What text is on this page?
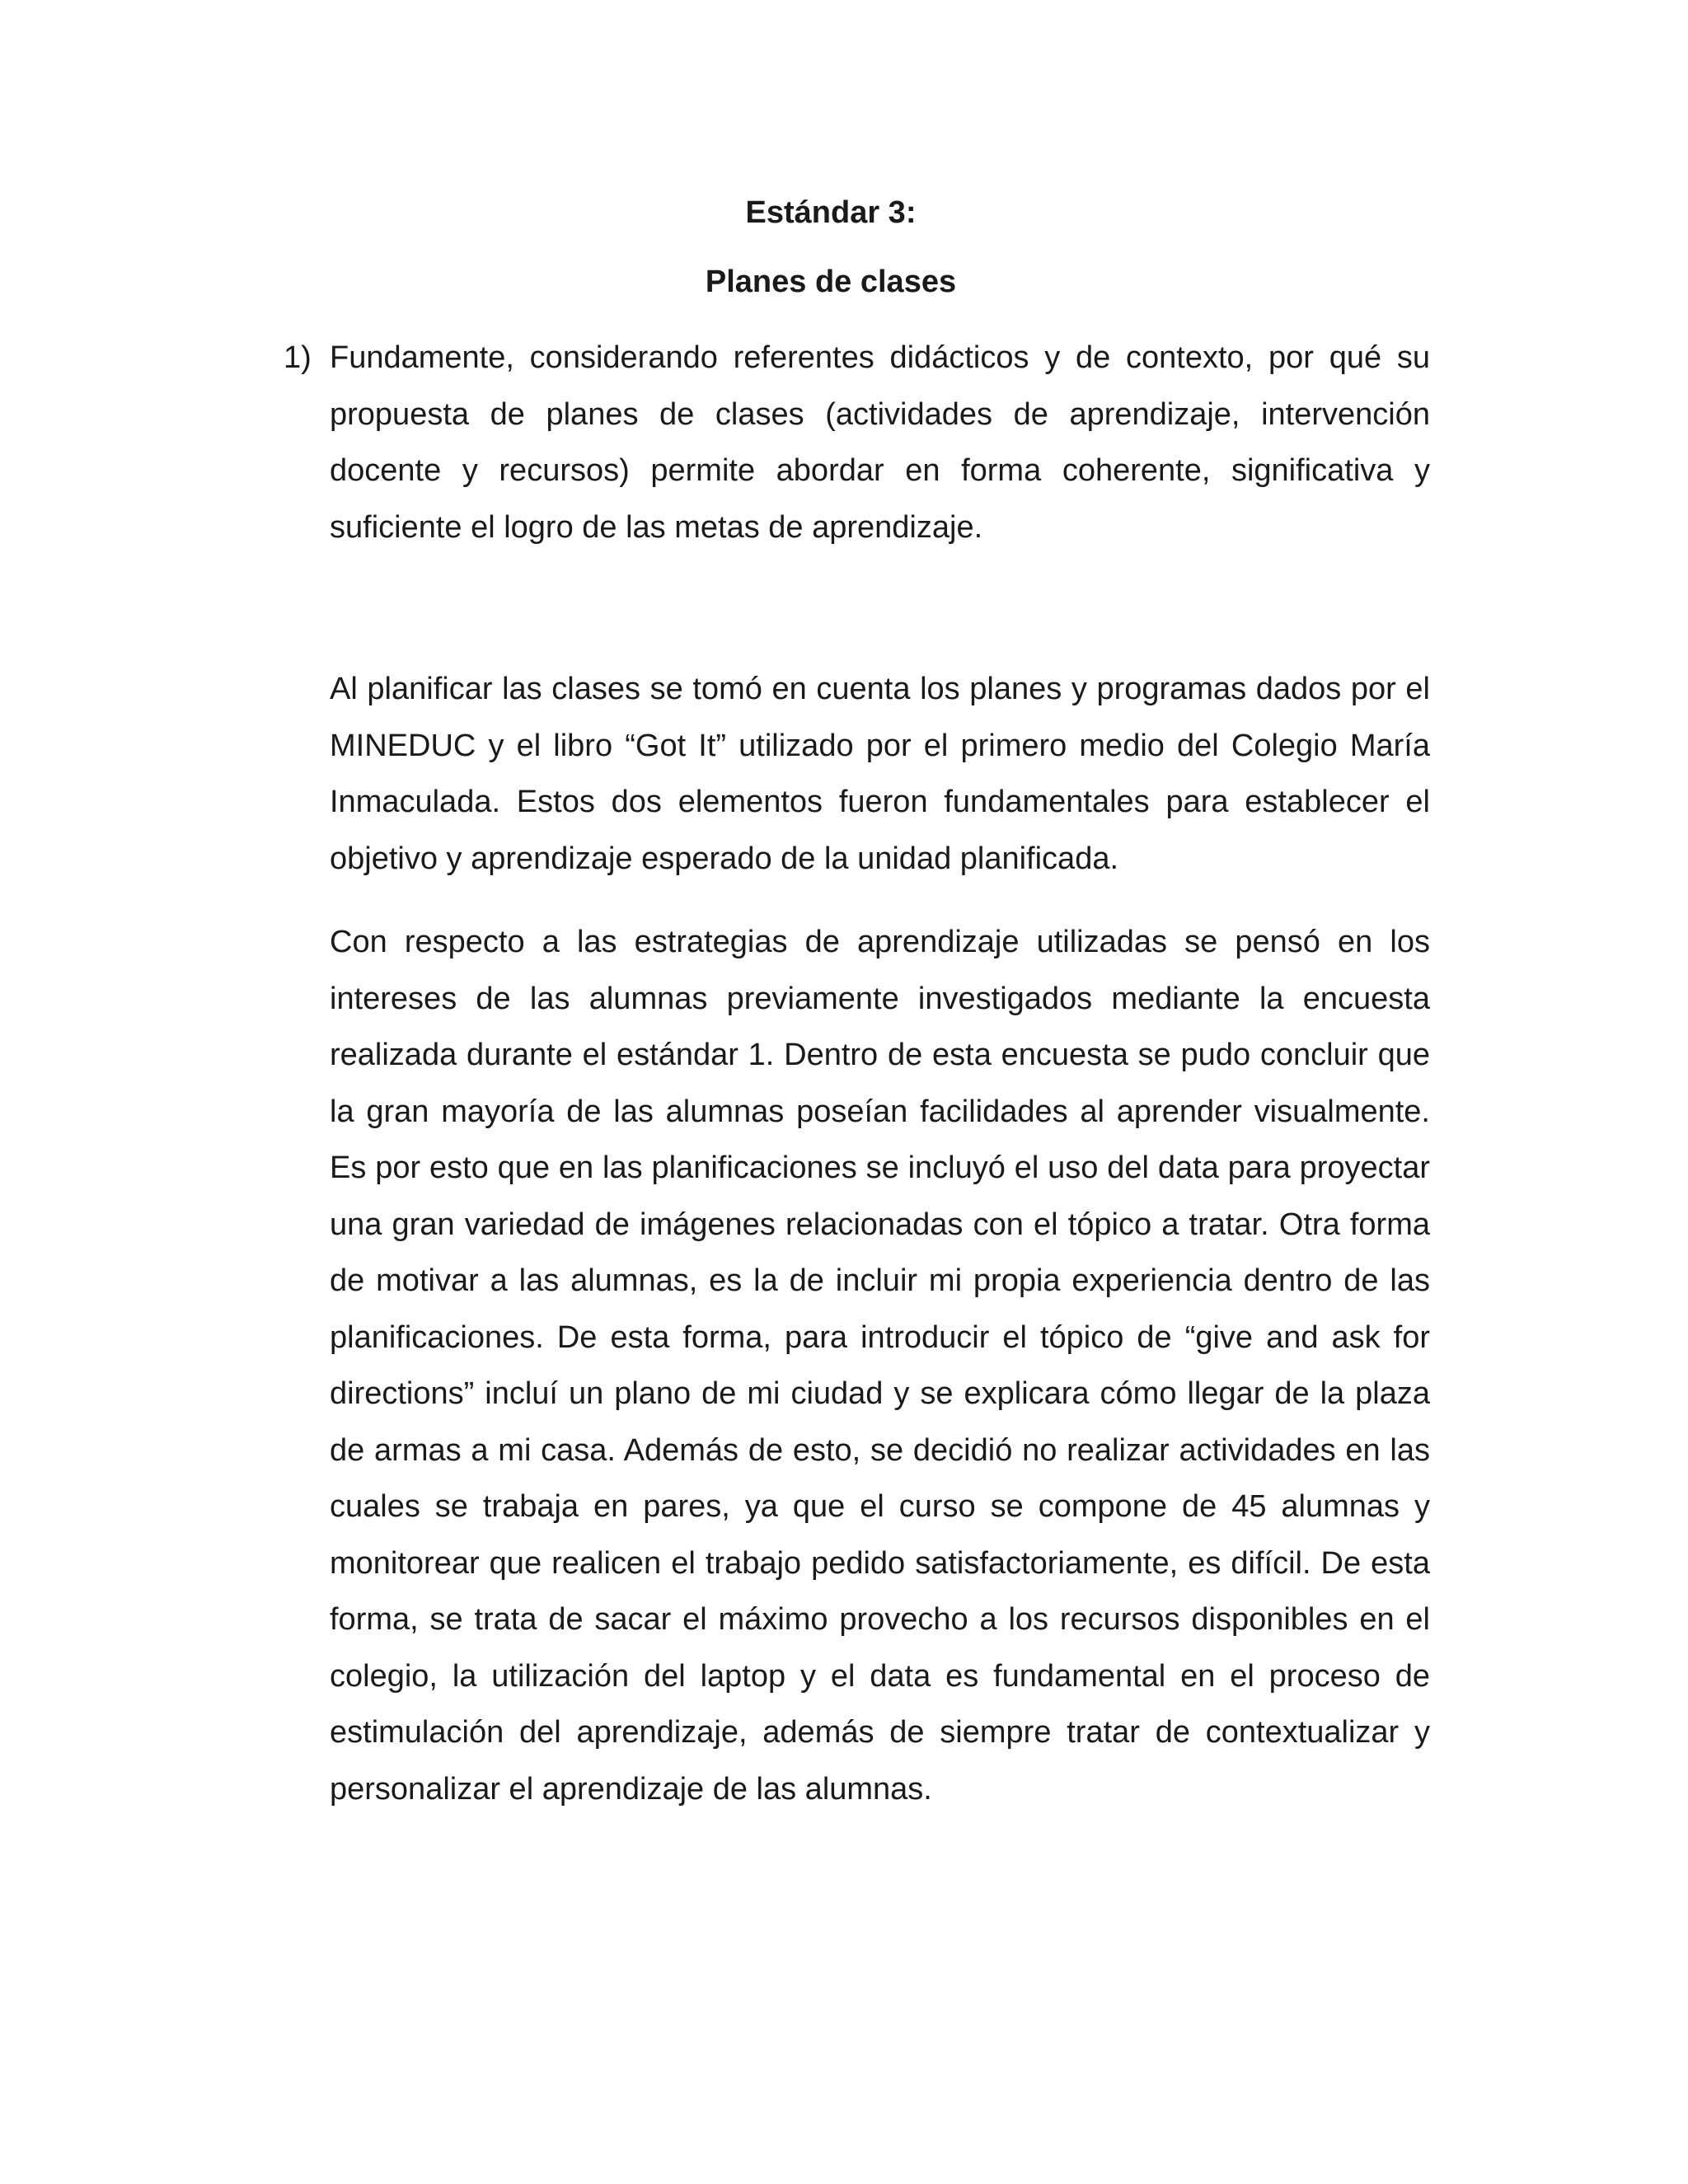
Estándar 3:
Planes de clases
1) Fundamente, considerando referentes didácticos y de contexto, por qué su propuesta de planes de clases (actividades de aprendizaje, intervención docente y recursos) permite abordar en forma coherente, significativa y suficiente el logro de las metas de aprendizaje.

Al planificar las clases se tomó en cuenta los planes y programas dados por el MINEDUC y el libro “Got It” utilizado por el primero medio del Colegio María Inmaculada. Estos dos elementos fueron fundamentales para establecer el objetivo y aprendizaje esperado de la unidad planificada.

Con respecto a las estrategias de aprendizaje utilizadas se pensó en los intereses de las alumnas previamente investigados mediante la encuesta realizada durante el estándar 1. Dentro de esta encuesta se pudo concluir que la gran mayoría de las alumnas poseían facilidades al aprender visualmente. Es por esto que en las planificaciones se incluyó el uso del data para proyectar una gran variedad de imágenes relacionadas con el tópico a tratar. Otra forma de motivar a las alumnas, es la de incluir mi propia experiencia dentro de las planificaciones. De esta forma, para introducir el tópico de “give and ask for directions” incluí un plano de mi ciudad y se explicara cómo llegar de la plaza de armas a mi casa. Además de esto, se decidió no realizar actividades en las cuales se trabaja en pares, ya que el curso se compone de 45 alumnas y monitorear que realicen el trabajo pedido satisfactoriamente, es difícil. De esta forma, se trata de sacar el máximo provecho a los recursos disponibles en el colegio, la utilización del laptop y el data es fundamental en el proceso de estimulación del aprendizaje, además de siempre tratar de contextualizar y personalizar el aprendizaje de las alumnas.
